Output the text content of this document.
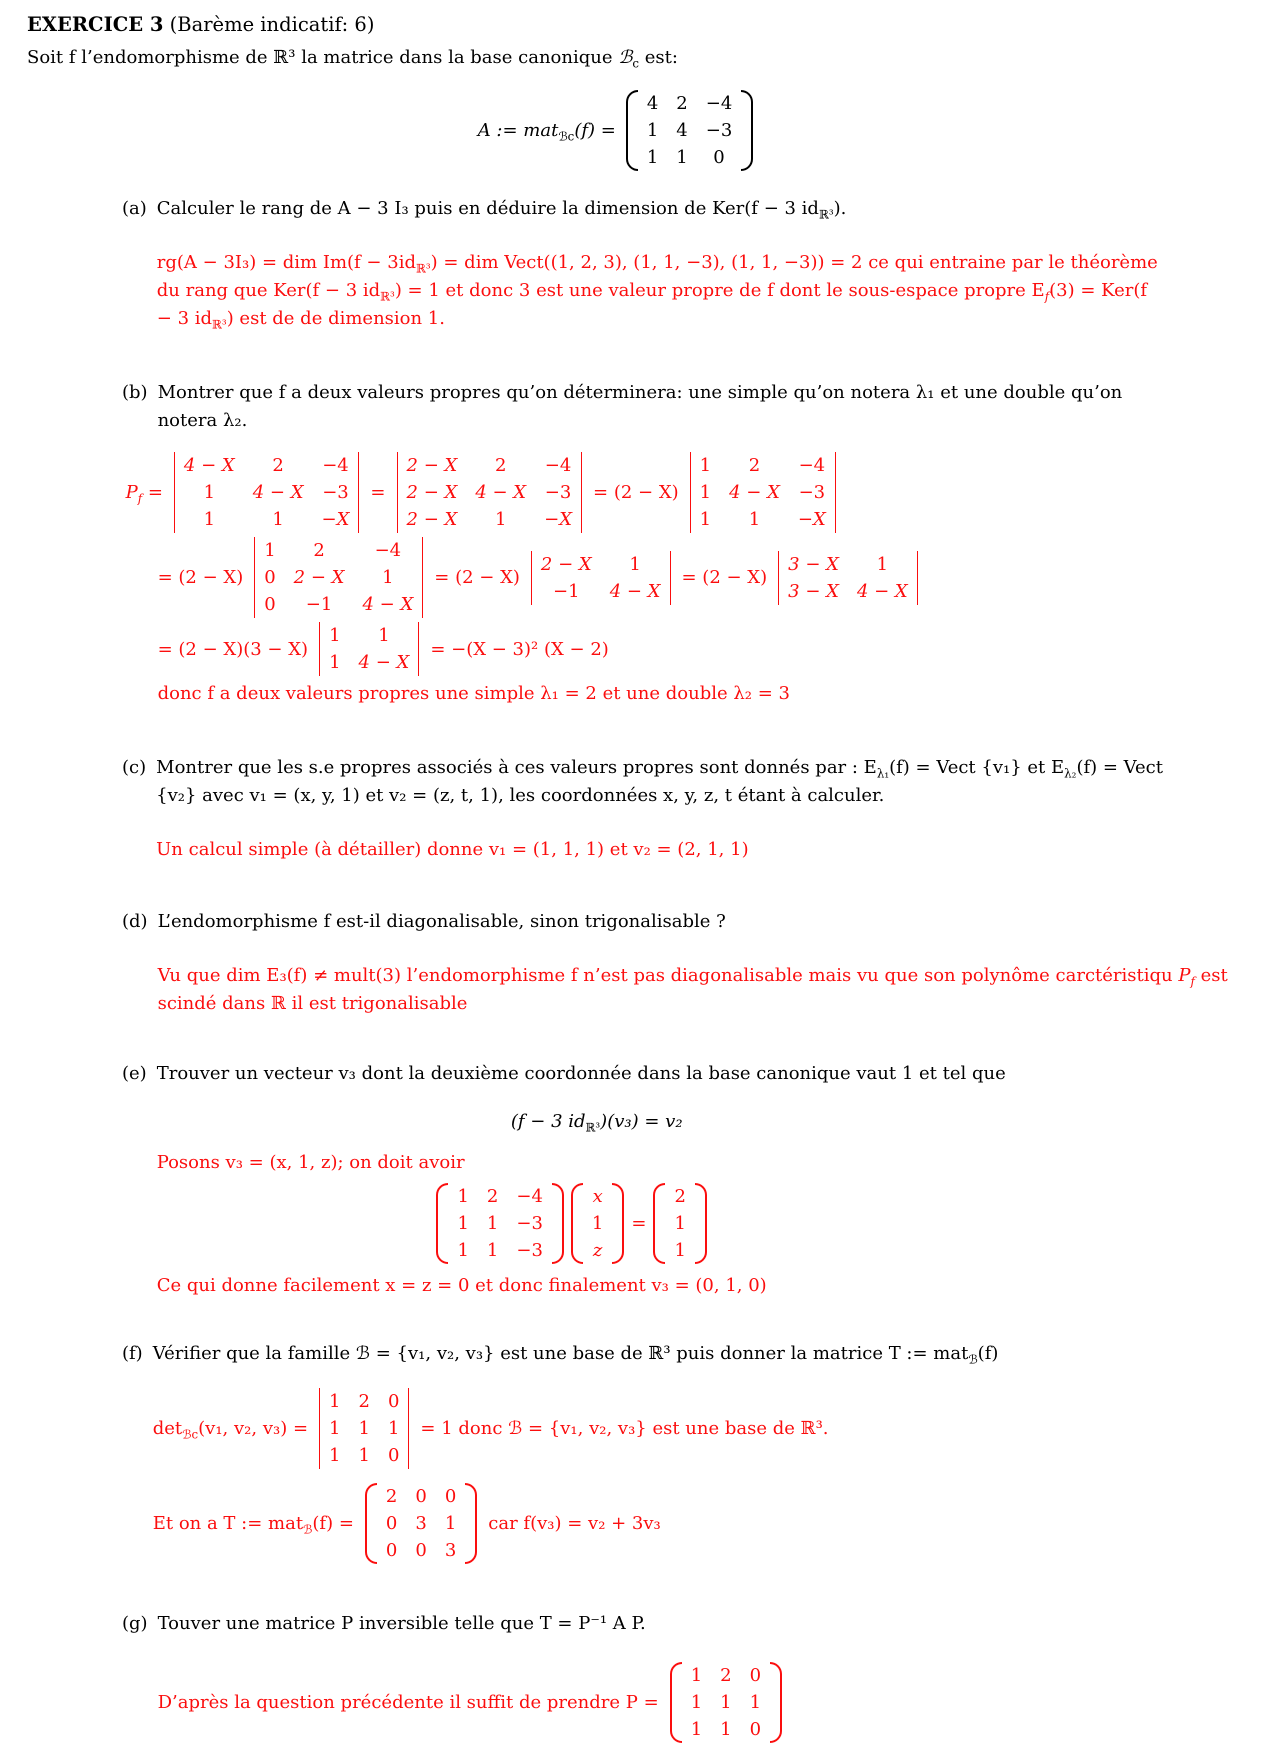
EXERCICE 3 (Barème indicatif: 6)

Soit f l’endomorphisme de ℝ³ la matrice dans la base canonique ℬ$_c$ est:

A := mat$_{ℬc}$(f) =
4	2	−4
1	4	−3
1	1	0
(a) Calculer le rang de A − 3 I₃ puis en déduire la dimension de Ker(f − 3 $id_{ℝ^3}$).

rg(A − 3I₃) = dim $Im(f - 3id_{ℝ^3})$ = dim Vect((1, 2, 3), (1, 1, −3), (1, 1, −3)) = 2 ce qui entraine par le théorème du rang que Ker(f − 3 $id_{ℝ^3}) = 1$ et donc 3 est une valeur propre de f dont le sous-espace propre $E_f(3) = Ker(f - 3$ $id_{ℝ^3}$) est de de dimension 1.

(b) Montrer que f a deux valeurs propres qu’on déterminera: une simple qu’on notera λ₁ et une double qu’on notera λ₂.

$P_f$ =
4 − X	2	−4
1	4 − X	−3
1	1	−X
=
2 − X	2	−4
2 − X	4 − X	−3
2 − X	1	−X
= (2 − X)
1	2	−4
1	4 − X	−3
1	1	−X
= (2 − X)
1	2	−4
0	2 − X	1
0	−1	4 − X
= (2 − X)
2 − X	1
−1	4 − X
= (2 − X)
3 − X	1
3 − X	4 − X
= (2 − X)(3 − X)
1	1
1	4 − X
= −(X − 3)² (X − 2)

donc f a deux valeurs propres une simple λ₁ = 2 et une double λ₂ = 3

(c) Montrer que les s.e propres associés à ces valeurs propres sont donnés par : $E_{\lambda_1}(f)$ = Vect {v₁} et $E_{\lambda_2}(f)$ = Vect {v₂} avec v₁ = (x, y, 1) et v₂ = (z, t, 1), les coordonnées x, y, z, t étant à calculer.

Un calcul simple (à détailler) donne v₁ = (1, 1, 1) et v₂ = (2, 1, 1)

(d) L’endomorphisme f est-il diagonalisable, sinon trigonalisable ?

Vu que dim E₃(f) ≠ mult(3) l’endomorphisme f n’est pas diagonalisable mais vu que son polynôme carctéristiqu $P_f$ est scindé dans ℝ il est trigonalisable

(e) Trouver un vecteur v₃ dont la deuxième coordonnée dans la base canonique vaut 1 et tel que

(f − 3 $id_{ℝ^3})(v_3) = v_2$

Posons v₃ = (x, 1, z); on doit avoir

1	2	−4
1	1	−3
1	1	−3
x
1
z
=
2
1
1

Ce qui donne facilement x = z = 0 et donc finalement v₃ = (0, 1, 0)

(f) Vérifier que la famille ℬ = {v₁, v₂, v₃} est une base de ℝ³ puis donner la matrice T := mat$_ℬ$(f)

$\det_{ℬc}(v_1$, v₂, v₃) =
1	2	0
1	1	1
1	1	0
= 1 donc ℬ = {v₁, v₂, v₃} est une base de ℝ³.
Et on a T := mat$_ℬ$(f) =
2	0	0
0	3	1
0	0	3
car f(v₃) = v₂ + 3v₃
(g) Touver une matrice P inversible telle que T = P⁻¹ A P.

D’après la question précédente il suffit de prendre P =
1	2	0
1	1	1
1	1	0
